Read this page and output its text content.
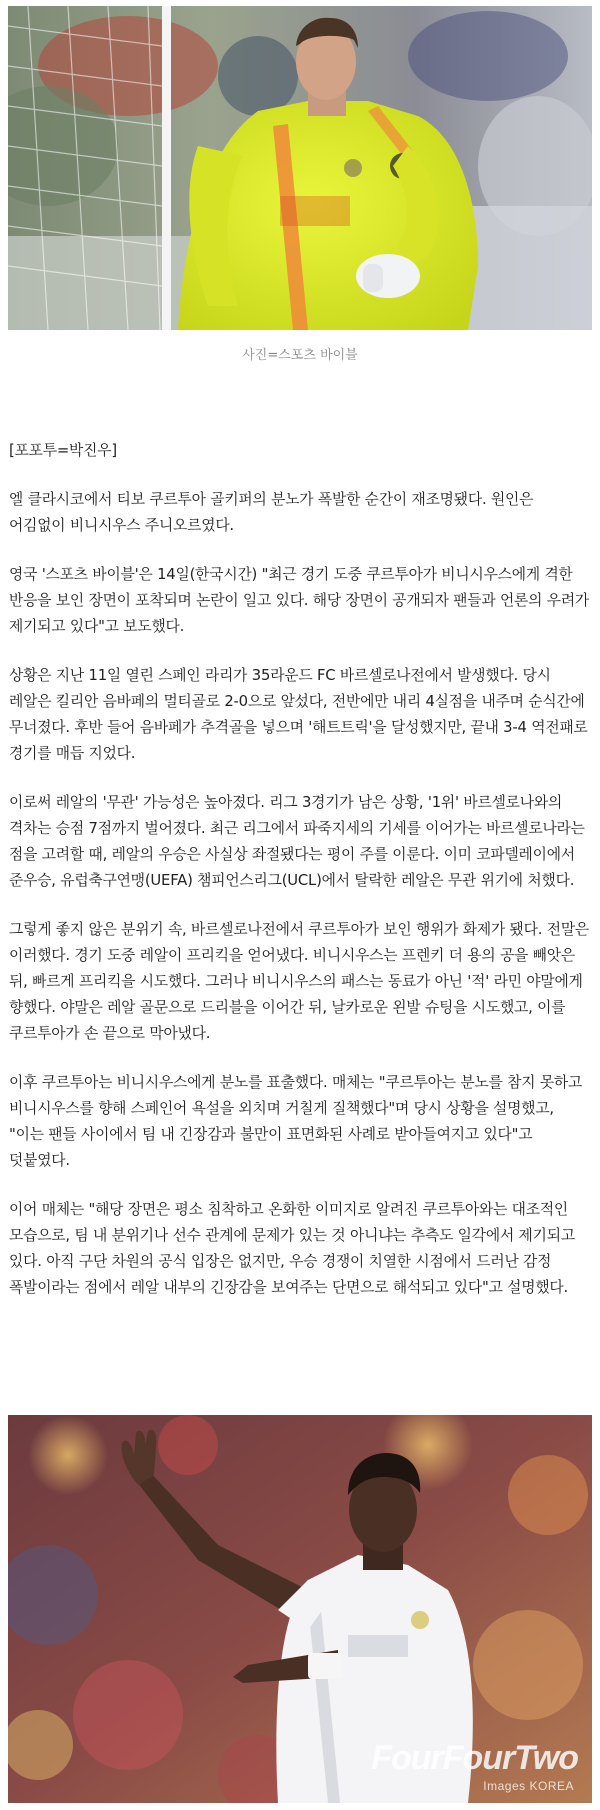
사진=스포츠 바이블

[포포투=박진우]

엘 클라시코에서 티보 쿠르투아 골키퍼의 분노가 폭발한 순간이 재조명됐다. 원인은 어김없이 비니시우스 주니오르였다.

영국 '스포츠 바이블'은 14일(한국시간) "최근 경기 도중 쿠르투아가 비니시우스에게 격한 반응을 보인 장면이 포착되며 논란이 일고 있다. 해당 장면이 공개되자 팬들과 언론의 우려가 제기되고 있다"고 보도했다.

상황은 지난 11일 열린 스페인 라리가 35라운드 FC 바르셀로나전에서 발생했다. 당시 레알은 킬리안 음바페의 멀티골로 2-0으로 앞섰다, 전반에만 내리 4실점을 내주며 순식간에 무너졌다. 후반 들어 음바페가 추격골을 넣으며 '해트트릭'을 달성했지만, 끝내 3-4 역전패로 경기를 매듭 지었다.

이로써 레알의 '무관' 가능성은 높아졌다. 리그 3경기가 남은 상황, '1위' 바르셀로나와의 격차는 승점 7점까지 벌어졌다. 최근 리그에서 파죽지세의 기세를 이어가는 바르셀로나라는 점을 고려할 때, 레알의 우승은 사실상 좌절됐다는 평이 주를 이룬다. 이미 코파델레이에서 준우승, 유럽축구연맹(UEFA) 챔피언스리그(UCL)에서 탈락한 레알은 무관 위기에 처했다.

그렇게 좋지 않은 분위기 속, 바르셀로나전에서 쿠르투아가 보인 행위가 화제가 됐다. 전말은 이러했다. 경기 도중 레알이 프리킥을 얻어냈다. 비니시우스는 프렌키 더 용의 공을 빼앗은 뒤, 빠르게 프리킥을 시도했다. 그러나 비니시우스의 패스는 동료가 아닌 '적' 라민 야말에게 향했다. 야말은 레알 골문으로 드리블을 이어간 뒤, 날카로운 왼발 슈팅을 시도했고, 이를 쿠르투아가 손 끝으로 막아냈다.

이후 쿠르투아는 비니시우스에게 분노를 표출했다. 매체는 "쿠르투아는 분노를 참지 못하고 비니시우스를 향해 스페인어 욕설을 외치며 거칠게 질책했다"며 당시 상황을 설명했고, "이는 팬들 사이에서 팀 내 긴장감과 불만이 표면화된 사례로 받아들여지고 있다"고 덧붙였다.

이어 매체는 "해당 장면은 평소 침착하고 온화한 이미지로 알려진 쿠르투아와는 대조적인 모습으로, 팀 내 분위기나 선수 관계에 문제가 있는 것 아니냐는 추측도 일각에서 제기되고 있다. 아직 구단 차원의 공식 입장은 없지만, 우승 경쟁이 치열한 시점에서 드러난 감정 폭발이라는 점에서 레알 내부의 긴장감을 보여주는 단면으로 해석되고 있다"고 설명했다.

FourFourTwo
Images KOREA
